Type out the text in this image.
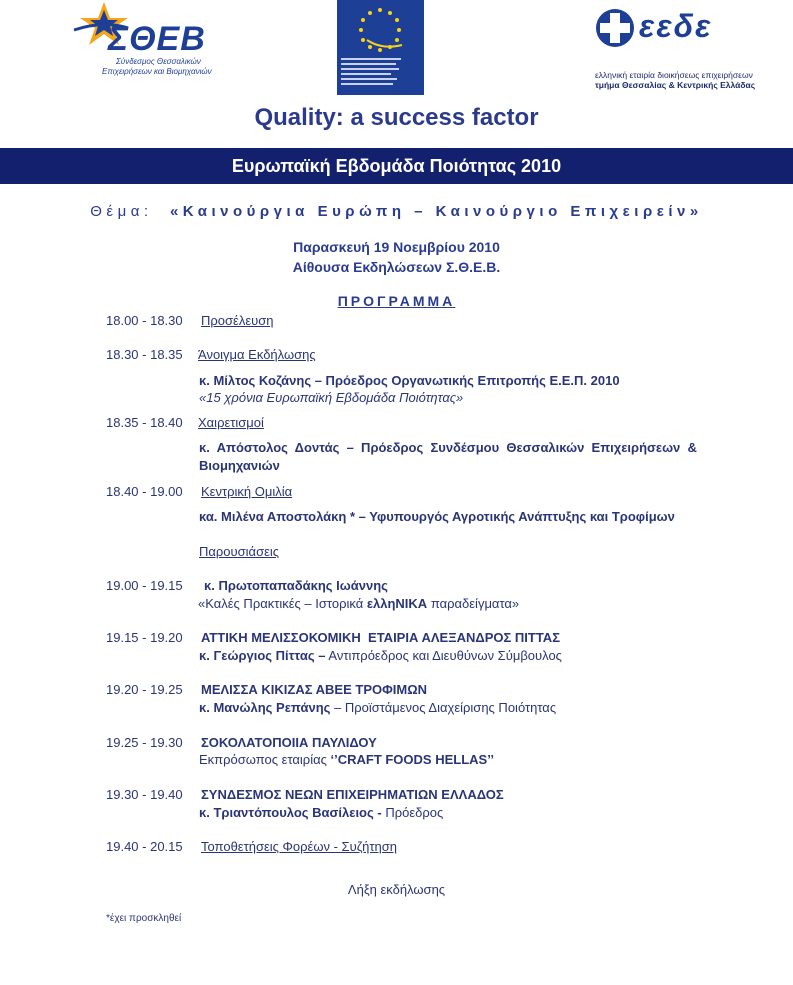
ΣΘΕΒ
Σύνδεσμος Θεσσαλικών
Επιχειρήσεων και Βιομηχανιών
εεδε
ελληνική εταιρία διοικήσεως επιχειρήσεων
τμήμα Θεσσαλίας & Κεντρικής Ελλάδας
Quality: a success factor
Ευρωπαϊκή Εβδομάδα Ποιότητας 2010
Θέμα: «Καινούργια Ευρώπη – Καινούργιο Επιχειρείν»
Παρασκευή 19 Νοεμβρίου 2010
Αίθουσα Εκδηλώσεων Σ.Θ.Ε.Β.
ΠΡΟΓΡΑΜΜΑ
18.00 - 18.30 Προσέλευση
18.30 - 18.35 Άνοιγμα Εκδήλωσης
κ. Μίλτος Κοζάνης – Πρόεδρος Οργανωτικής Επιτροπής Ε.Ε.Π. 2010
«15 χρόνια Ευρωπαϊκή Εβδομάδα Ποιότητας»
18.35 - 18.40 Χαιρετισμοί
κ.  Απόστολος  Δοντάς  –  Πρόεδρος  Συνδέσμου  Θεσσαλικών  Επιχειρήσεων  &
Βιομηχανιών
18.40 - 19.00 Κεντρική Ομιλία
κα. Μιλένα Αποστολάκη * – Υφυπουργός Αγροτικής Ανάπτυξης και Τροφίμων
Παρουσιάσεις
19.00 - 19.15 κ. Πρωτοπαπαδάκης Ιωάννης
«Καλές Πρακτικές – Ιστορικά ελληΝΙΚΑ παραδείγματα»
19.15 - 19.20 ΑΤΤΙΚΗ ΜΕΛΙΣΣΟΚΟΜΙΚΗ  ΕΤΑΙΡΙΑ ΑΛΕΞΑΝΔΡΟΣ ΠΙΤΤΑΣ
κ. Γεώργιος Πίττας – Αντιπρόεδρος και Διευθύνων Σύμβουλος
19.20 - 19.25 ΜΕΛΙΣΣΑ ΚΙΚΙΖΑΣ ΑΒΕΕ ΤΡΟΦΙΜΩΝ
κ. Μανώλης Ρεπάνης – Προϊστάμενος Διαχείρισης Ποιότητας
19.25 - 19.30 ΣΟΚΟΛΑΤΟΠΟΙΙΑ ΠΑΥΛΙΔΟΥ
Εκπρόσωπος εταιρίας ‘’CRAFT FOODS HELLAS’’
19.30 - 19.40 ΣΥΝΔΕΣΜΟΣ ΝΕΩΝ ΕΠΙΧΕΙΡΗΜΑΤΙΩΝ ΕΛΛΑΔΟΣ
κ. Τριαντόπουλος Βασίλειος - Πρόεδρος
19.40 - 20.15 Τοποθετήσεις Φορέων - Συζήτηση
Λήξη εκδήλωσης
*έχει προσκληθεί
